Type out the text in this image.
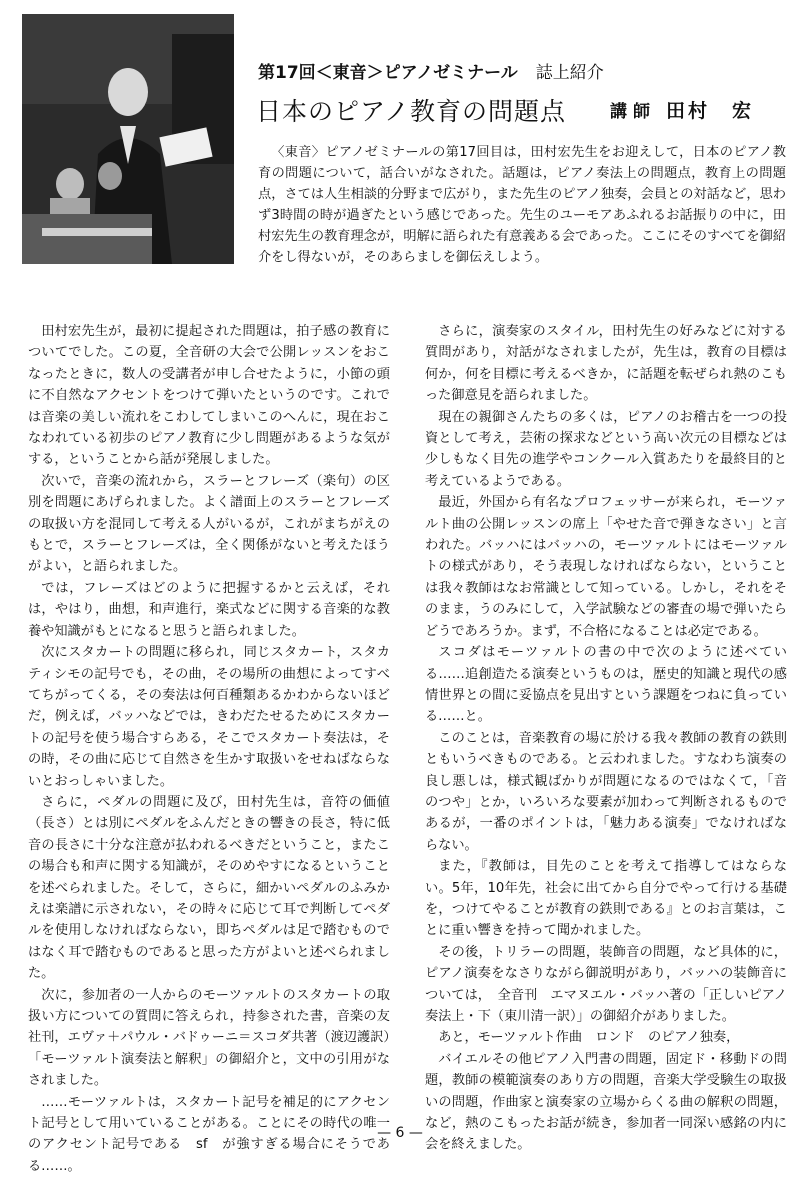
第17回＜東音＞ピアノゼミナール 誌上紹介
日本のピアノ教育の問題点	講師 田村　宏
〈東音〉ピアノゼミナールの第17回目は，田村宏先生をお迎えして，日本のピアノ教育の問題について，話合いがなされた。話題は，ピアノ奏法上の問題点，教育上の問題点，さては人生相談的分野まで広がり，また先生のピアノ独奏，会員との対話など，思わず3時間の時が過ぎたという感じであった。先生のユーモアあふれるお話振りの中に，田村宏先生の教育理念が，明解に語られた有意義ある会であった。ここにそのすべてを御紹介をし得ないが，そのあらましを御伝えしよう。

田村宏先生が，最初に提起された問題は，拍子感の教育についてでした。この夏，全音研の大会で公開レッスンをおこなったときに，数人の受講者が申し合せたように，小節の頭に不自然なアクセントをつけて弾いたというのです。これでは音楽の美しい流れをこわしてしまいこのへんに，現在おこなわれている初歩のピアノ教育に少し問題があるような気がする，ということから話が発展しました。

次いで，音楽の流れから，スラーとフレーズ（楽句）の区別を問題にあげられました。よく譜面上のスラーとフレーズの取扱い方を混同して考える人がいるが，これがまちがえのもとで，スラーとフレーズは，全く関係がないと考えたほうがよい，と語られました。

では，フレーズはどのように把握するかと云えば，それは，やはり，曲想，和声進行，楽式などに関する音楽的な教養や知識がもとになると思うと語られました。

次にスタカートの問題に移られ，同じスタカート，スタカティシモの記号でも，その曲，その場所の曲想によってすべてちがってくる，その奏法は何百種類あるかわからないほどだ，例えば，バッハなどでは，きわだたせるためにスタカートの記号を使う場合すらある，そこでスタカート奏法は，その時，その曲に応じて自然さを生かす取扱いをせねばならないとおっしゃいました。

さらに，ペダルの問題に及び，田村先生は，音符の価値（長さ）とは別にペダルをふんだときの響きの長さ，特に低音の長さに十分な注意が払われるべきだということ，またこの場合も和声に関する知識が，そのめやすになるということを述べられました。そして，さらに，細かいペダルのふみかえは楽譜に示されない，その時々に応じて耳で判断してペダルを使用しなければならない，即ちペダルは足で踏むものではなく耳で踏むものであると思った方がよいと述べられました。

次に，参加者の一人からのモーツァルトのスタカートの取扱い方についての質問に答えられ，持参された書，音楽の友社刊，エヴァ＋パウル・バドゥーニ＝スコダ共著（渡辺護訳）「モーツァルト演奏法と解釈」の御紹介と，文中の引用がなされました。

……モーツァルトは，スタカート記号を補足的にアクセント記号として用いていることがある。ことにその時代の唯一のアクセント記号である　sf　が強すぎる場合にそうである……。

さらに，演奏家のスタイル，田村先生の好みなどに対する質問があり，対話がなされましたが，先生は，教育の目標は何か，何を目標に考えるべきか，に話題を転ぜられ熱のこもった御意見を語られました。

現在の親御さんたちの多くは，ピアノのお稽古を一つの投資として考え，芸術の探求などという高い次元の目標などは少しもなく目先の進学やコンクール入賞あたりを最終目的と考えているようである。

最近，外国から有名なプロフェッサーが来られ，モーツァルト曲の公開レッスンの席上「やせた音で弾きなさい」と言われた。バッハにはバッハの，モーツァルトにはモーツァルトの様式があり，そう表現しなければならない，ということは我々教師はなお常識として知っている。しかし，それをそのまま，うのみにして，入学試験などの審査の場で弾いたらどうであろうか。まず，不合格になることは必定である。

スコダはモーツァルトの書の中で次のように述べている……追創造たる演奏というものは，歴史的知識と現代の感情世界との間に妥協点を見出すという課題をつねに負っている……と。

このことは，音楽教育の場に於ける我々教師の教育の鉄則ともいうべきものである。と云われました。すなわち演奏の良し悪しは，様式観ばかりが問題になるのではなくて，「音のつや」とか，いろいろな要素が加わって判断されるものであるが，一番のポイントは，「魅力ある演奏」でなければならない。

また，『教師は，目先のことを考えて指導してはならない。5年，10年先，社会に出てから自分でやって行ける基礎を，つけてやることが教育の鉄則である』とのお言葉は，ことに重い響きを持って聞かれました。

その後，トリラーの問題，装飾音の問題，など具体的に，ピアノ演奏をなさりながら御説明があり，バッハの装飾音については，　全音刊　エマヌエル・バッハ著の「正しいピアノ奏法上・下（東川清一訳）」の御紹介がありました。

あと，モーツァルト作曲　ロンド　のピアノ独奏，

バイエルその他ピアノ入門書の問題，固定ド・移動ドの問題，教師の模範演奏のあり方の問題，音楽大学受験生の取扱いの問題，作曲家と演奏家の立場からくる曲の解釈の問題，など，熱のこもったお話が続き，参加者一同深い感銘の内に会を終えました。

— 6 —
